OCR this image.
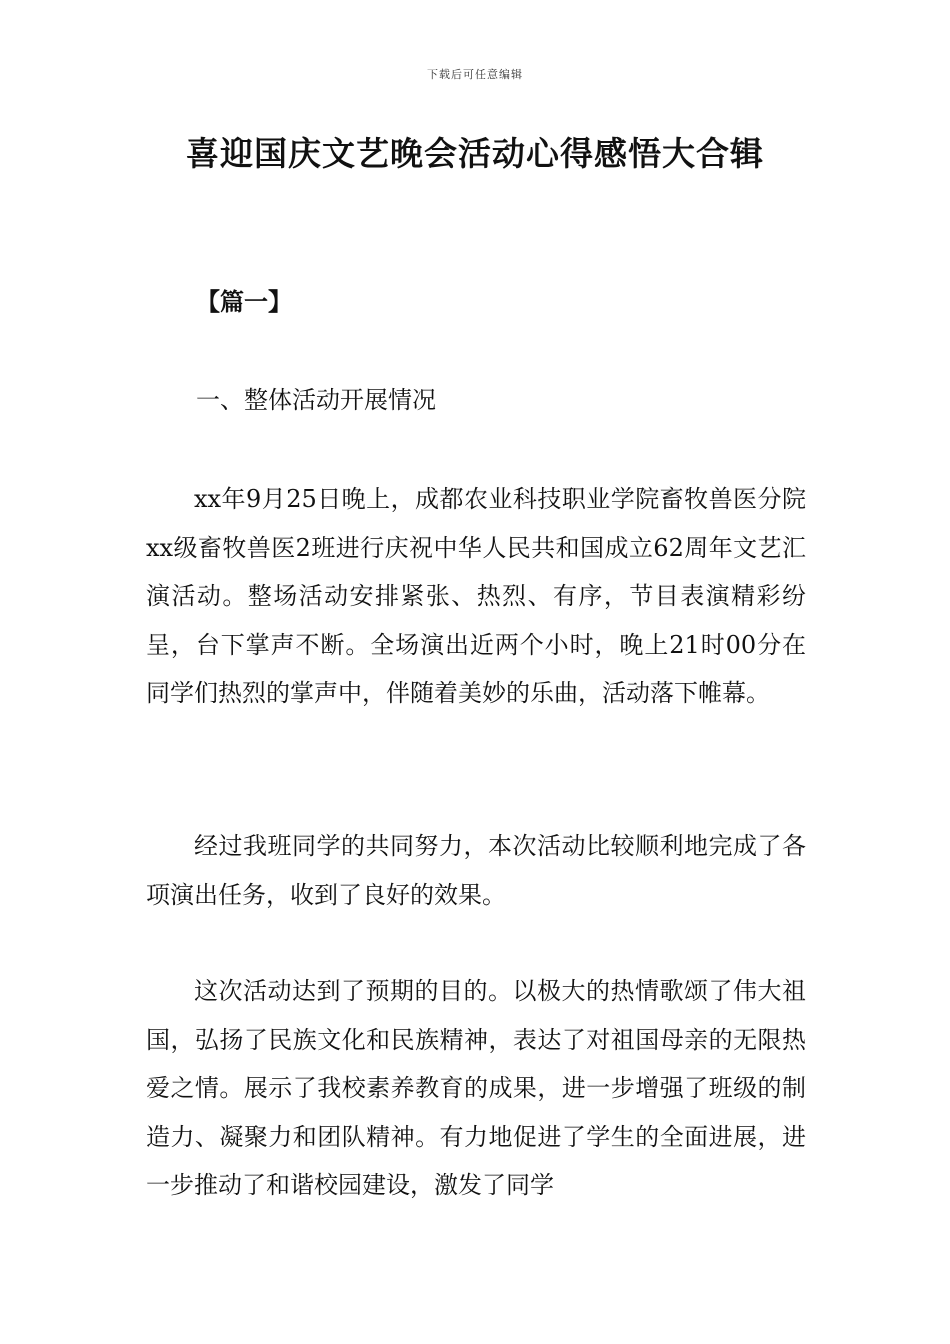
下载后可任意编辑
喜迎国庆文艺晚会活动心得感悟大合辑
【篇一】
一、整体活动开展情况

xx年9月25日晚上，成都农业科技职业学院畜牧兽医分院xx级畜牧兽医2班进行庆祝中华人民共和国成立62周年文艺汇演活动。整场活动安排紧张、热烈、有序，节目表演精彩纷呈，台下掌声不断。全场演出近两个小时，晚上21时00分在同学们热烈的掌声中，伴随着美妙的乐曲，活动落下帷幕。

经过我班同学的共同努力，本次活动比较顺利地完成了各项演出任务，收到了良好的效果。

这次活动达到了预期的目的。以极大的热情歌颂了伟大祖国，弘扬了民族文化和民族精神，表达了对祖国母亲的无限热爱之情。展示了我校素养教育的成果，进一步增强了班级的制造力、凝聚力和团队精神。有力地促进了学生的全面进展，进一步推动了和谐校园建设，激发了同学
